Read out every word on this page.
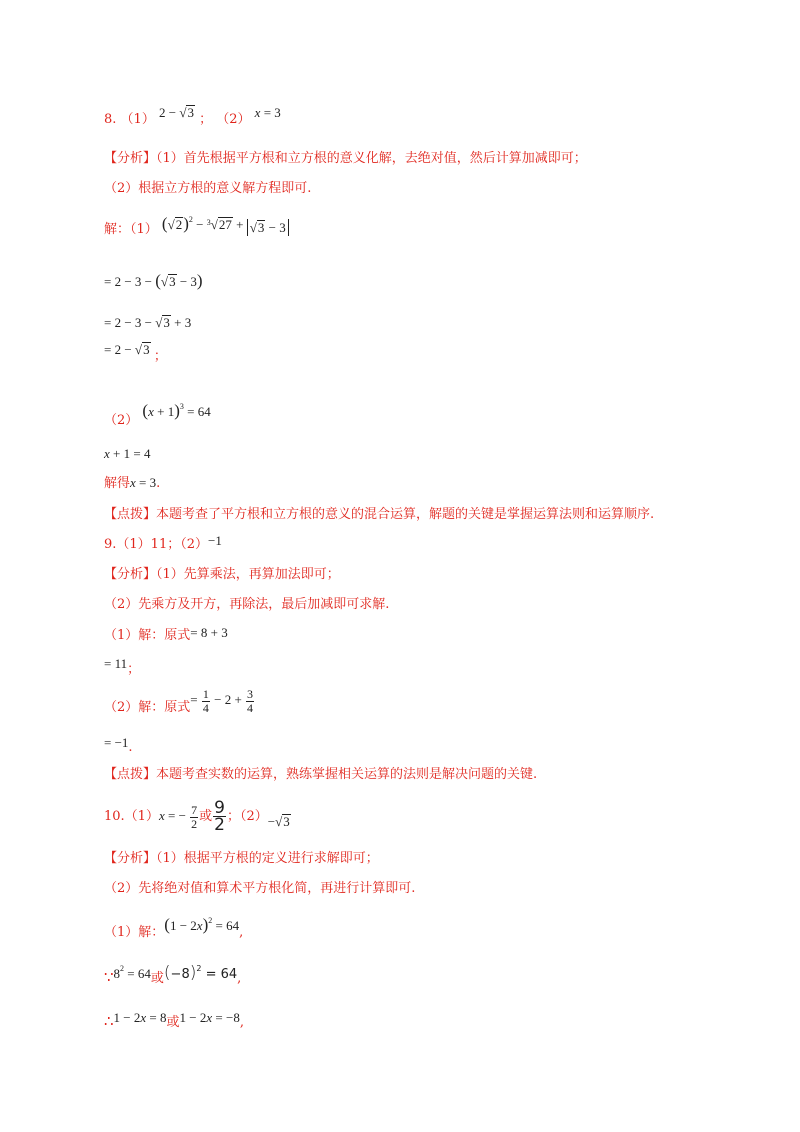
8. （1） 2 − √3 ； （2） x = 3
【分析】（1）首先根据平方根和立方根的意义化解，去绝对值，然后计算加减即可；
（2）根据立方根的意义解方程即可.
解：（1） $(√2)^2 - ^3√27 + √3 - 3$
= 2 − 3 − (√3 − 3)
= 2 − 3 − √3 + 3
= 2 − √3 ；
（2） $(x + 1)^3 = 64$
x + 1 = 4
解得x = 3.
【点拨】本题考查了平方根和立方根的意义的混合运算，解题的关键是掌握运算法则和运算顺序.
9.（1）11；（2）−1
【分析】（1）先算乘法，再算加法即可；
（2）先乘方及开方，再除法，最后加减即可求解.
（1）解：原式= 8 + 3
= 11；
（2）解：原式= $\frac{1}{4} - 2 + \frac{3}{4}$
= −1.
【点拨】本题考查实数的运算，熟练掌握相关运算的法则是解决问题的关键.
10.（1）x = − $\frac{7}{2}$ 或 $\frac{9}{2}$ ；（2）−√3
【分析】（1）根据平方根的定义进行求解即可；
（2）先将绝对值和算术平方根化简，再进行计算即可.
（1）解：$(1 - 2x)^2 = 64$,
$\because 8^2 = 64$或$(-8)^2 = 64$,
∴1 − 2x = 8或1 − 2x = −8,
